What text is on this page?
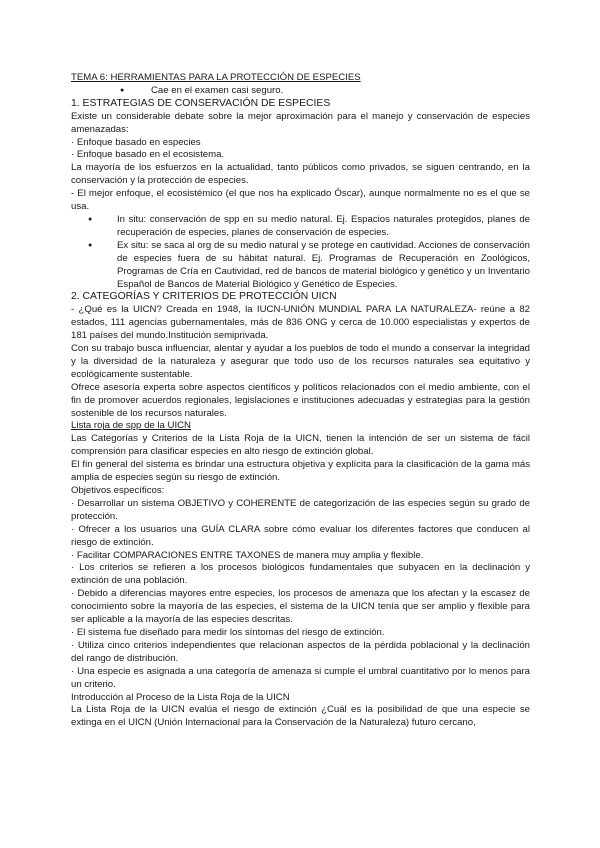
TEMA 6: HERRAMIENTAS PARA LA PROTECCIÓN DE ESPECIES

● Cae en el examen casi seguro.

1. ESTRATEGIAS DE CONSERVACIÓN DE ESPECIES

Existe un considerable debate sobre la mejor aproximación para el manejo y conservación de especies amenazadas:

· Enfoque basado en especies

· Enfoque basado en el ecosistema.

La mayoría de los esfuerzos en la actualidad, tanto públicos como privados, se siguen centrando, en la conservación y la protección de especies.

- El mejor enfoque, el ecosistémico (el que nos ha explicado Óscar), aunque normalmente no es el que se usa.

● In situ: conservación de spp en su medio natural. Ej. Espacios naturales protegidos, planes de recuperación de especies, planes de conservación de especies.
● Ex situ: se saca al org de su medio natural y se protege en cautividad. Acciones de conservación de especies fuera de su hábitat natural. Ej. Programas de Recuperación en Zoológicos, Programas de Cría en Cautividad, red de bancos de material biológico y genético y un Inventario Español de Bancos de Material Biológico y Genético de Especies.

2. CATEGORÍAS Y CRITERIOS DE PROTECCIÓN UICN

- ¿Qué es la UICN? Creada en 1948, la IUCN-UNIÓN MUNDIAL PARA LA NATURALEZA- reúne a 82 estados, 111 agencias gubernamentales, más de 836 ONG y cerca de 10.000 especialistas y expertos de 181 países del mundo.Institución semiprivada.

Con su trabajo busca influenciar, alentar y ayudar a los pueblos de todo el mundo a conservar la integridad y la diversidad de la naturaleza y asegurar que todo uso de los recursos naturales sea equitativo y ecológicamente sustentable.

Ofrece asesoría experta sobre aspectos científicos y políticos relacionados con el medio ambiente, con el fin de promover acuerdos regionales, legislaciones e instituciones adecuadas y estrategias para la gestión sostenible de los recursos naturales.

Lista roja de spp de la UICN

Las Categorías y Criterios de la Lista Roja de la UICN, tienen la intención de ser un sistema de fácil comprensión para clasificar especies en alto riesgo de extinción global.

El fin general del sistema es brindar una estructura objetiva y explícita para la clasificación de la gama más amplia de especies según su riesgo de extinción.

Objetivos específicos:

· Desarrollar un sistema OBJETIVO y COHERENTE de categorización de las especies según su grado de protección.

· Ofrecer a los usuarios una GUÍA CLARA sobre cómo evaluar los diferentes factores que conducen al riesgo de extinción.

· Facilitar COMPARACIONES ENTRE TAXONES de manera muy amplia y flexible.

· Los criterios se refieren a los procesos biológicos fundamentales que subyacen en la declinación y extinción de una población.

· Debido a diferencias mayores entre especies, los procesos de amenaza que los afectan y la escasez de conocimiento sobre la mayoría de las especies, el sistema de la UICN tenía que ser amplio y flexible para ser aplicable a la mayoría de las especies descritas.

· El sistema fue diseñado para medir los síntomas del riesgo de extinción.

· Utiliza cinco criterios independientes que relacionan aspectos de la pérdida poblacional y la declinación del rango de distribución.

· Una especie es asignada a una categoría de amenaza si cumple el umbral cuantitativo por lo menos para un criterio.

Introducción al Proceso de la Lista Roja de la UICN

La Lista Roja de la UICN evalúa el riesgo de extinción ¿Cuál es la posibilidad de que una especie se extinga en el UICN (Unión Internacional para la Conservación de la Naturaleza) futuro cercano,
